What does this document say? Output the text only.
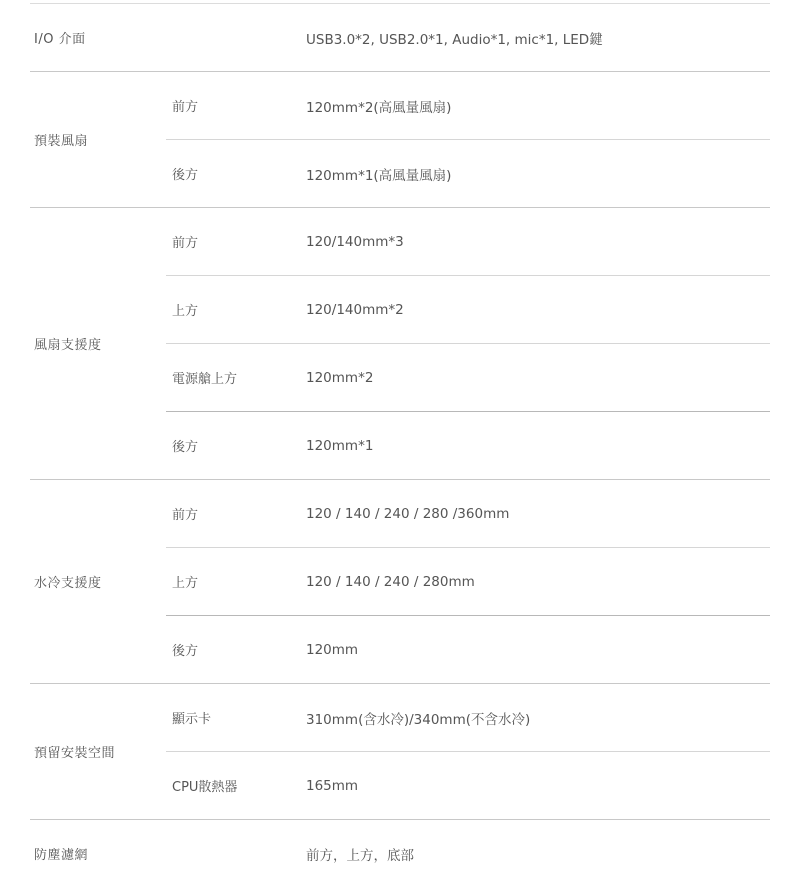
I/O 介面	USB3.0*2, USB2.0*1, Audio*1, mic*1, LED鍵
預裝風扇
前方	120mm*2(高風量風扇)
後方	120mm*1(高風量風扇)
風扇支援度
前方	120/140mm*3
上方	120/140mm*2
電源艙上方	120mm*2
後方	120mm*1
水冷支援度
前方	120 / 140 / 240 / 280 /360mm
上方	120 / 140 / 240 / 280mm
後方	120mm
預留安裝空間
顯示卡	310mm(含水冷)/340mm(不含水冷)
CPU散熱器	165mm
防塵濾網	前方，上方，底部
